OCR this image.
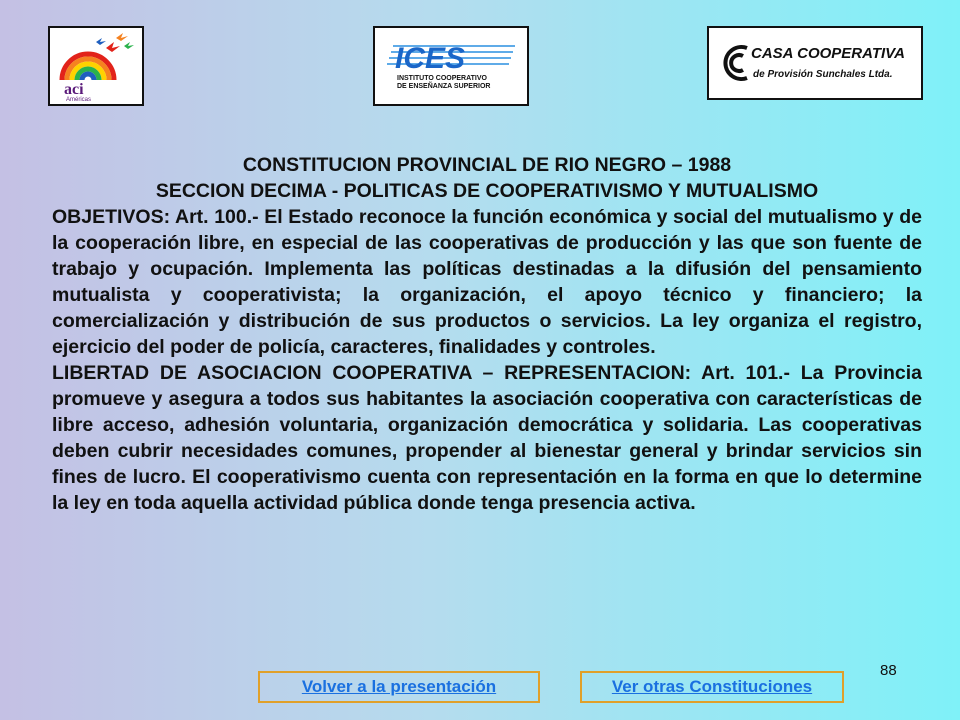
aci
Américas
ICES
INSTITUTO COOPERATIVO
DE ENSEÑANZA SUPERIOR
CASA COOPERATIVA
de Provisión Sunchales Ltda.
CONSTITUCION PROVINCIAL DE RIO NEGRO – 1988
SECCION DECIMA - POLITICAS DE COOPERATIVISMO Y MUTUALISMO

OBJETIVOS: Art. 100.- El Estado reconoce la función económica y social del mutualismo y de la cooperación libre, en especial de las cooperativas de producción y las que son fuente de trabajo y ocupación. Implementa las políticas destinadas a la difusión del pensamiento mutualista y cooperativista; la organización, el apoyo técnico y financiero; la comercialización y distribución de sus productos o servicios. La ley organiza el registro, ejercicio del poder de policía, caracteres, finalidades y controles.

LIBERTAD DE ASOCIACION COOPERATIVA – REPRESENTACION: Art. 101.- La Provincia promueve y asegura a todos sus habitantes la asociación cooperativa con características de libre acceso, adhesión voluntaria, organización democrática y solidaria. Las cooperativas deben cubrir necesidades comunes, propender al bienestar general y brindar servicios sin fines de lucro. El cooperativismo cuenta con representación en la forma en que lo determine la ley en toda aquella actividad pública donde tenga presencia activa.

88
Volver a la presentación	Ver otras Constituciones
